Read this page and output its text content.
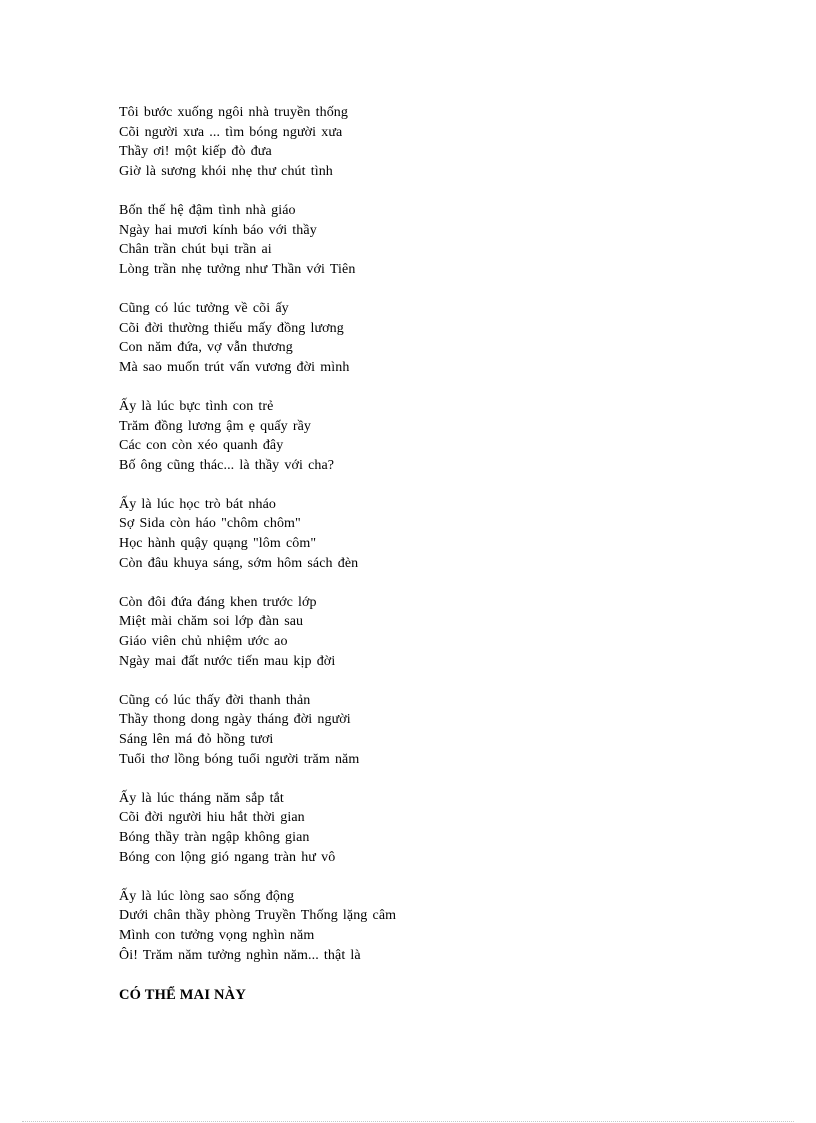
Tôi bước xuống ngôi nhà truyền thống
Cõi người xưa ... tìm bóng người xưa
Thầy ơi! một kiếp đò đưa
Giờ là sương khói nhẹ thư chút tình
Bốn thế hệ đậm tình nhà giáo
Ngày hai mươi kính báo với thầy
Chân trần chút bụi trần ai
Lòng trần nhẹ tưởng như Thần với Tiên
Cũng có lúc tưởng về cõi ấy
Cõi đời thường thiếu mấy đồng lương
Con năm đứa, vợ vẫn thương
Mà sao muốn trút vấn vương đời mình
Ấy là lúc bực tình con trẻ
Trăm đồng lương ậm ẹ quấy rầy
Các con còn xéo quanh đây
Bố ông cũng thác... là thầy với cha?
Ấy là lúc học trò bát nháo
Sợ Sida còn háo "chôm chôm"
Học hành quậy quạng "lôm côm"
Còn đâu khuya sáng, sớm hôm sách đèn
Còn đôi đứa đáng khen trước lớp
Miệt mài chăm soi lớp đàn sau
Giáo viên chủ nhiệm ước ao
Ngày mai đất nước tiến mau kịp đời
Cũng có lúc thấy đời thanh thản
Thầy thong dong ngày tháng đời người
Sáng lên má đỏ hồng tươi
Tuổi thơ lồng bóng tuổi người trăm năm
Ấy là lúc tháng năm sắp tắt
Cõi đời người hiu hắt thời gian
Bóng thầy tràn ngập không gian
Bóng con lộng gió ngang tràn hư vô
Ấy là lúc lòng sao sống động
Dưới chân thầy phòng Truyền Thống lặng câm
Mình con tưởng vọng nghìn năm
Ôi! Trăm năm tưởng nghìn năm... thật là
CÓ THỂ MAI NÀY
